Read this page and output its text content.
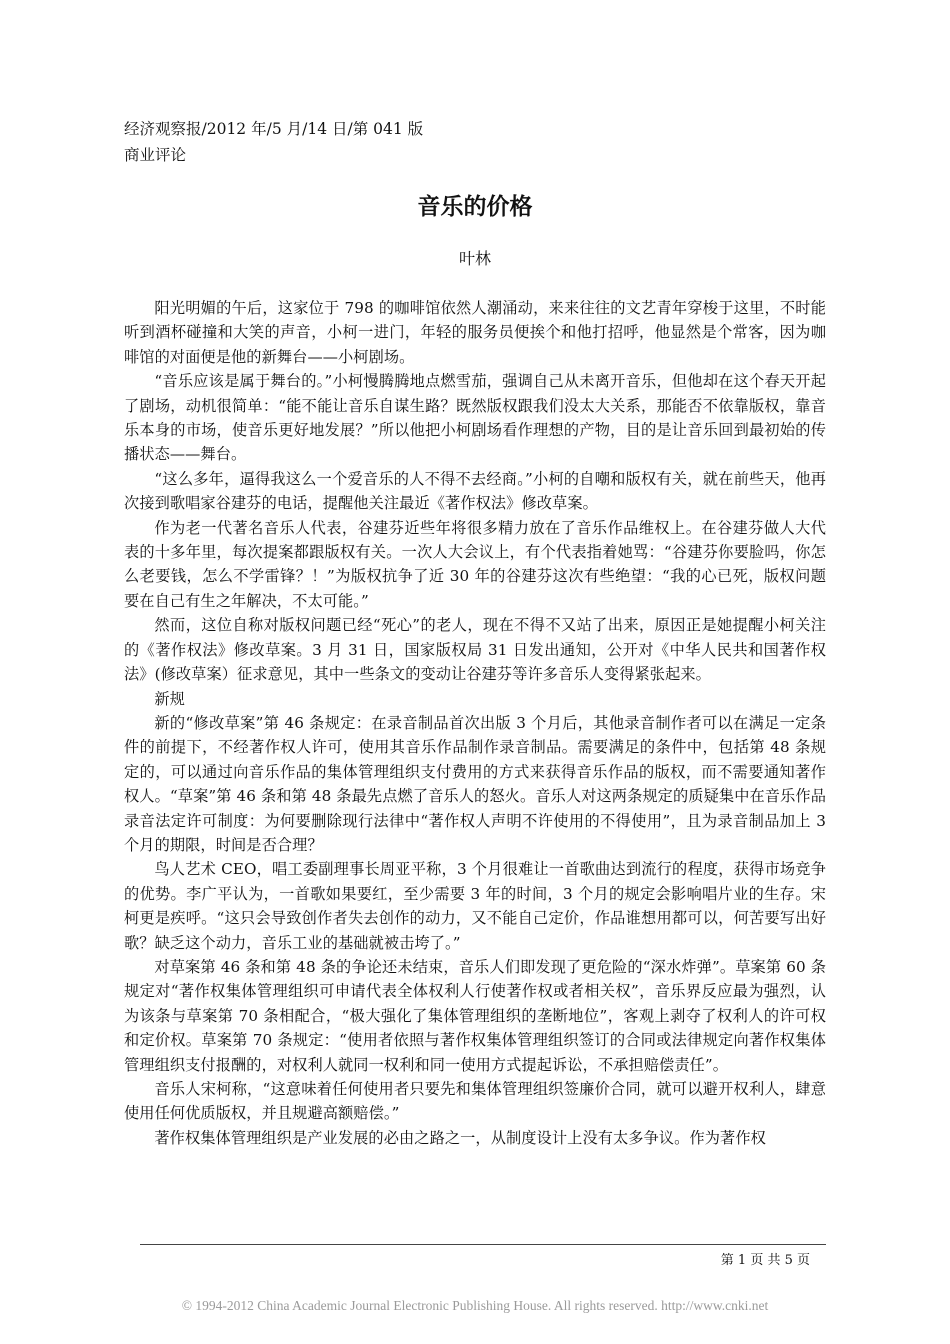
经济观察报/2012 年/5 月/14 日/第 041 版
商业评论
音乐的价格
叶林

阳光明媚的午后，这家位于 798 的咖啡馆依然人潮涌动，来来往往的文艺青年穿梭于这里，不时能听到酒杯碰撞和大笑的声音，小柯一进门，年轻的服务员便挨个和他打招呼，他显然是个常客，因为咖啡馆的对面便是他的新舞台——小柯剧场。

“音乐应该是属于舞台的。”小柯慢腾腾地点燃雪茄，强调自己从未离开音乐，但他却在这个春天开起了剧场，动机很简单：“能不能让音乐自谋生路？既然版权跟我们没太大关系，那能否不依靠版权，靠音乐本身的市场，使音乐更好地发展？”所以他把小柯剧场看作理想的产物，目的是让音乐回到最初始的传播状态——舞台。

“这么多年，逼得我这么一个爱音乐的人不得不去经商。”小柯的自嘲和版权有关，就在前些天，他再次接到歌唱家谷建芬的电话，提醒他关注最近《著作权法》修改草案。

作为老一代著名音乐人代表，谷建芬近些年将很多精力放在了音乐作品维权上。在谷建芬做人大代表的十多年里，每次提案都跟版权有关。一次人大会议上，有个代表指着她骂：“谷建芬你要脸吗，你怎么老要钱，怎么不学雷锋？！”为版权抗争了近 30 年的谷建芬这次有些绝望：“我的心已死，版权问题要在自己有生之年解决，不太可能。”

然而，这位自称对版权问题已经“死心”的老人，现在不得不又站了出来，原因正是她提醒小柯关注的《著作权法》修改草案。3 月 31 日，国家版权局 31 日发出通知，公开对《中华人民共和国著作权法》(修改草案）征求意见，其中一些条文的变动让谷建芬等许多音乐人变得紧张起来。

新规

新的“修改草案”第 46 条规定：在录音制品首次出版 3 个月后，其他录音制作者可以在满足一定条件的前提下，不经著作权人许可，使用其音乐作品制作录音制品。需要满足的条件中，包括第 48 条规定的，可以通过向音乐作品的集体管理组织支付费用的方式来获得音乐作品的版权，而不需要通知著作权人。“草案”第 46 条和第 48 条最先点燃了音乐人的怒火。音乐人对这两条规定的质疑集中在音乐作品录音法定许可制度：为何要删除现行法律中“著作权人声明不许使用的不得使用”，且为录音制品加上 3 个月的期限，时间是否合理？

鸟人艺术 CEO，唱工委副理事长周亚平称，3 个月很难让一首歌曲达到流行的程度，获得市场竞争的优势。李广平认为，一首歌如果要红，至少需要 3 年的时间，3 个月的规定会影响唱片业的生存。宋柯更是疾呼。“这只会导致创作者失去创作的动力，又不能自己定价，作品谁想用都可以，何苦要写出好歌？缺乏这个动力，音乐工业的基础就被击垮了。”

对草案第 46 条和第 48 条的争论还未结束，音乐人们即发现了更危险的“深水炸弹”。草案第 60 条规定对“著作权集体管理组织可申请代表全体权利人行使著作权或者相关权”，音乐界反应最为强烈，认为该条与草案第 70 条相配合，“极大强化了集体管理组织的垄断地位”，客观上剥夺了权利人的许可权和定价权。草案第 70 条规定：“使用者依照与著作权集体管理组织签订的合同或法律规定向著作权集体管理组织支付报酬的，对权利人就同一权利和同一使用方式提起诉讼，不承担赔偿责任”。

音乐人宋柯称，“这意味着任何使用者只要先和集体管理组织签廉价合同，就可以避开权利人，肆意使用任何优质版权，并且规避高额赔偿。”

著作权集体管理组织是产业发展的必由之路之一，从制度设计上没有太多争议。作为著作权

第 1 页 共 5 页
© 1994-2012 China Academic Journal Electronic Publishing House. All rights reserved. http://www.cnki.net
